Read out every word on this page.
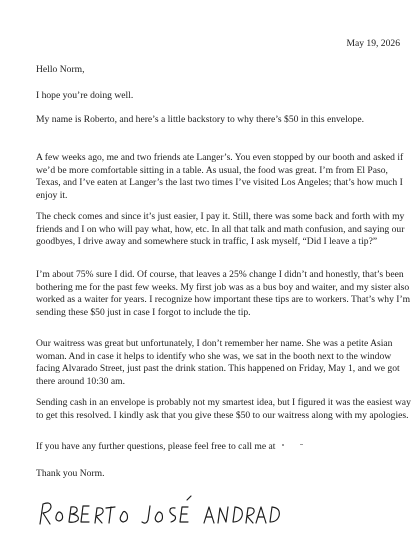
May 19, 2026
Hello Norm,

I hope you’re doing well.

My name is Roberto, and here’s a little backstory to why there’s $50 in this envelope.

A few weeks ago, me and two friends ate Langer’s. You even stopped by our booth and asked if we’d be more comfortable sitting in a table. As usual, the food was great. I’m from El Paso, Texas, and I’ve eaten at Langer’s the last two times I’ve visited Los Angeles; that’s how much I enjoy it.

The check comes and since it’s just easier, I pay it. Still, there was some back and forth with my friends and I on who will pay what, how, etc. In all that talk and math confusion, and saying our goodbyes, I drive away and somewhere stuck in traffic, I ask myself, “Did I leave a tip?”

I’m about 75% sure I did. Of course, that leaves a 25% change I didn’t and honestly, that’s been bothering me for the past few weeks. My first job was as a bus boy and waiter, and my sister also worked as a waiter for years. I recognize how important these tips are to workers. That’s why I’m sending these $50 just in case I forgot to include the tip.

Our waitress was great but unfortunately, I don’t remember her name. She was a petite Asian woman. And in case it helps to identify who she was, we sat in the booth next to the window facing Alvarado Street, just past the drink station. This happened on Friday, May 1, and we got there around 10:30 am.

Sending cash in an envelope is probably not my smartest idea, but I figured it was the easiest way to get this resolved. I kindly ask that you give these $50 to our waitress along with my apologies.

If you have any further questions, please feel free to call me at

Thank you Norm.
ROBERTO JOSÉ ANDRADE
